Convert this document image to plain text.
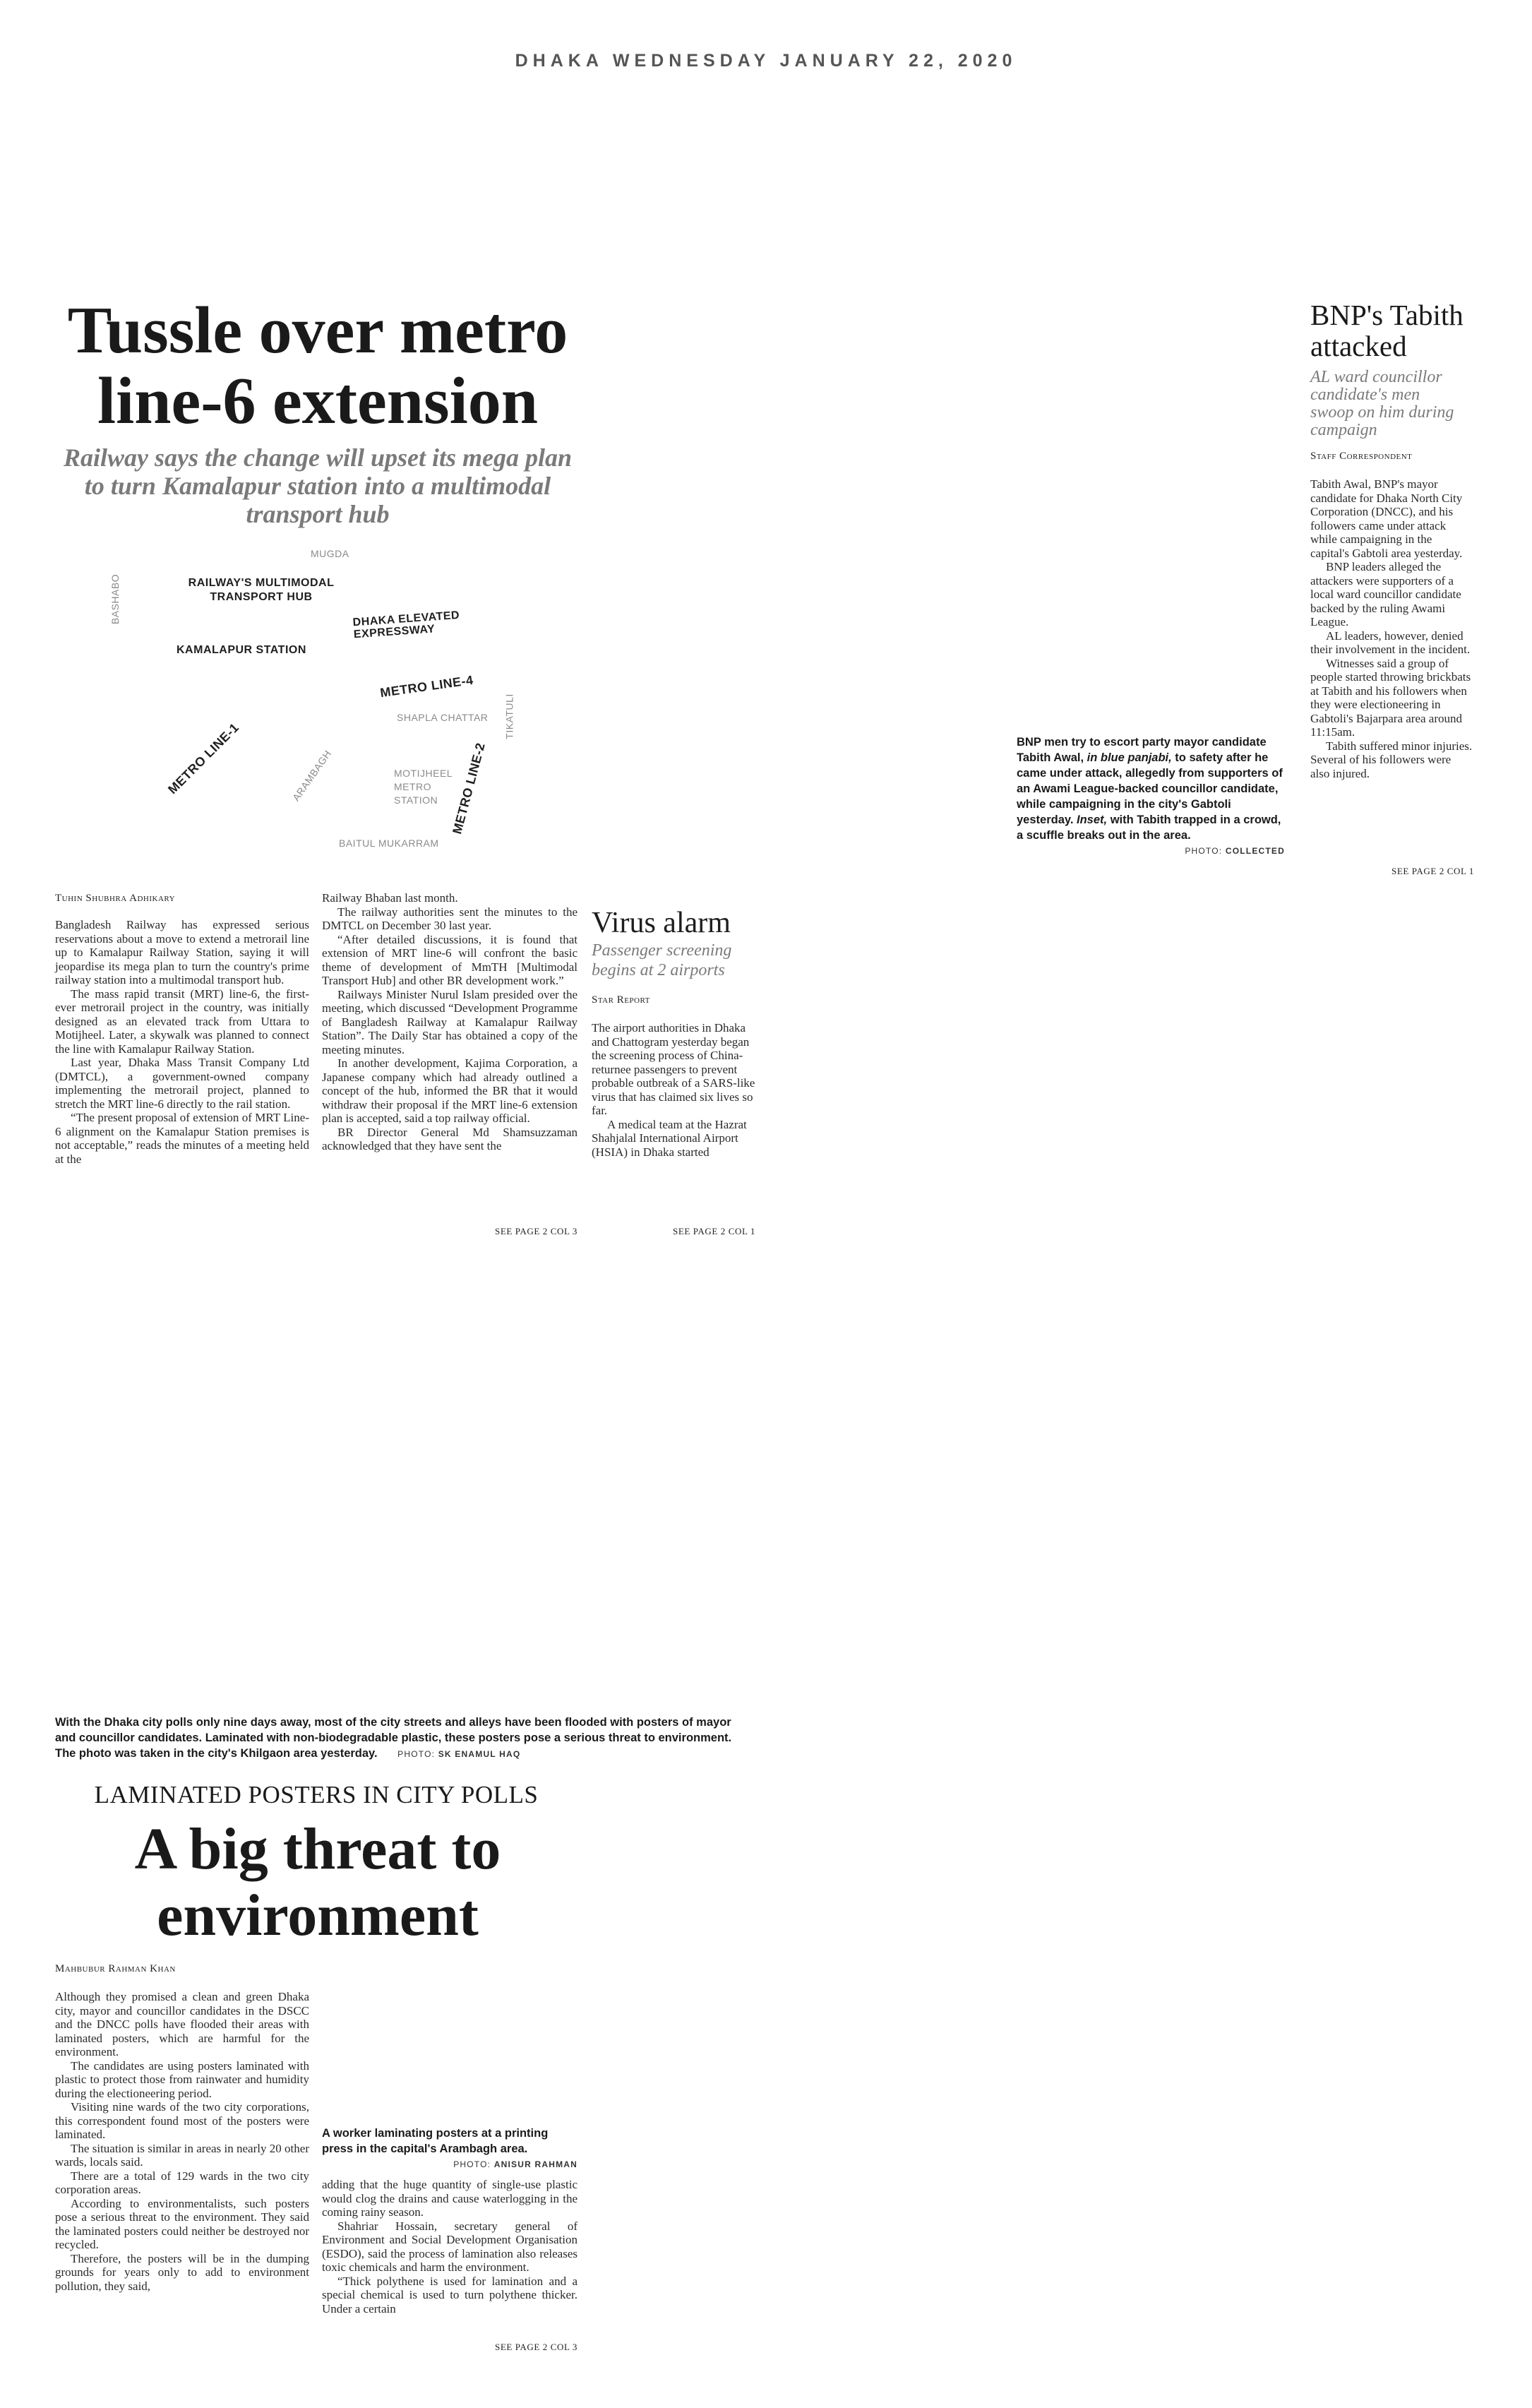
DHAKA WEDNESDAY JANUARY 22, 2020
Tussle over metro
line-6 extension
Railway says the change will upset its mega plan to turn Kamalapur station into a multimodal transport hub
MUGDA
BASHABO	RAILWAY'S MULTIMODAL TRANSPORT HUB
DHAKA ELEVATED EXPRESSWAY
KAMALAPUR STATION
METRO LINE-4
SHAPLA CHATTAR TIKATULI
METRO LINE-1	ARAMBAGH	MOTIJHEEL METRO STATION METRO LINE-2
BAITUL MUKARRAM
Tuhin Shubhra Adhikary

Bangladesh Railway has expressed serious reservations about a move to extend a metrorail line up to Kamalapur Railway Station, saying it will jeopardise its mega plan to turn the country's prime railway station into a multimodal transport hub.

The mass rapid transit (MRT) line-6, the first-ever metrorail project in the country, was initially designed as an elevated track from Uttara to Motijheel. Later, a skywalk was planned to connect the line with Kamalapur Railway Station.

Last year, Dhaka Mass Transit Company Ltd (DMTCL), a government-owned company implementing the metrorail project, planned to stretch the MRT line-6 directly to the rail station.

“The present proposal of extension of MRT Line-6 alignment on the Kamalapur Station premises is not acceptable,” reads the minutes of a meeting held at the

Railway Bhaban last month.

The railway authorities sent the minutes to the DMTCL on December 30 last year.

“After detailed discussions, it is found that extension of MRT line-6 will confront the basic theme of development of MmTH [Multimodal Transport Hub] and other BR development work.”

Railways Minister Nurul Islam presided over the meeting, which discussed “Development Programme of Bangladesh Railway at Kamalapur Railway Station”. The Daily Star has obtained a copy of the meeting minutes.

In another development, Kajima Corporation, a Japanese company which had already outlined a concept of the hub, informed the BR that it would withdraw their proposal if the MRT line-6 extension plan is accepted, said a top railway official.

BR Director General Md Shamsuzzaman acknowledged that they have sent the

SEE PAGE 2 COL 3
Virus alarm
Passenger screening begins at 2 airports
Star Report

The airport authorities in Dhaka and Chattogram yesterday began the screening process of China-returnee passengers to prevent probable outbreak of a SARS-like virus that has claimed six lives so far.

A medical team at the Hazrat Shahjalal International Airport (HSIA) in Dhaka started

SEE PAGE 2 COL 1
BNP's Tabith attacked
AL ward councillor candidate's men swoop on him during campaign
Staff Correspondent

Tabith Awal, BNP's mayor candidate for Dhaka North City Corporation (DNCC), and his followers came under attack while campaigning in the capital's Gabtoli area yesterday.

BNP leaders alleged the attackers were supporters of a local ward councillor candidate backed by the ruling Awami League.

AL leaders, however, denied their involvement in the incident.

Witnesses said a group of people started throwing brickbats at Tabith and his followers when they were electioneering in Gabtoli's Bajarpara area around 11:15am.

Tabith suffered minor injuries. Several of his followers were also injured.

SEE PAGE 2 COL 1
BNP men try to escort party mayor candidate Tabith Awal, in blue panjabi, to safety after he came under attack, allegedly from supporters of an Awami League-backed councillor candidate, while campaigning in the city's Gabtoli yesterday. Inset, with Tabith trapped in a crowd, a scuffle breaks out in the area.
PHOTO: COLLECTED
With the Dhaka city polls only nine days away, most of the city streets and alleys have been flooded with posters of mayor and councillor candidates. Laminated with non-biodegradable plastic, these posters pose a serious threat to environment. The photo was taken in the city's Khilgaon area yesterday. PHOTO: SK ENAMUL HAQ
LAMINATED POSTERS IN CITY POLLS
A big threat to
environment
Mahbubur Rahman Khan

Although they promised a clean and green Dhaka city, mayor and councillor candidates in the DSCC and the DNCC polls have flooded their areas with laminated posters, which are harmful for the environment.

The candidates are using posters laminated with plastic to protect those from rainwater and humidity during the electioneering period.

Visiting nine wards of the two city corporations, this correspondent found most of the posters were laminated.

The situation is similar in areas in nearly 20 other wards, locals said.

There are a total of 129 wards in the two city corporation areas.

According to environmentalists, such posters pose a serious threat to the environment. They said the laminated posters could neither be destroyed nor recycled.

Therefore, the posters will be in the dumping grounds for years only to add to environment pollution, they said,

A worker laminating posters at a printing press in the capital's Arambagh area.
PHOTO: ANISUR RAHMAN

adding that the huge quantity of single-use plastic would clog the drains and cause waterlogging in the coming rainy season.

Shahriar Hossain, secretary general of Environment and Social Development Organisation (ESDO), said the process of lamination also releases toxic chemicals and harm the environment.

“Thick polythene is used for lamination and a special chemical is used to turn polythene thicker. Under a certain

SEE PAGE 2 COL 3
